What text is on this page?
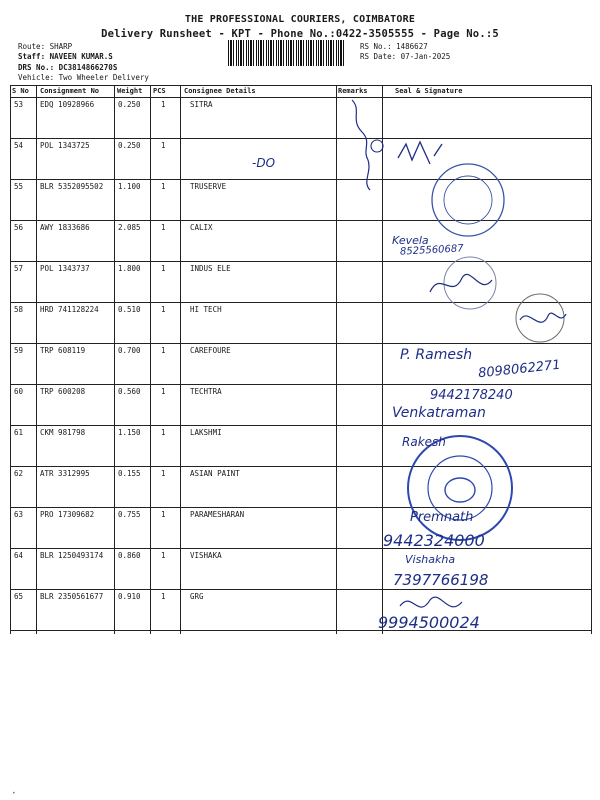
THE PROFESSIONAL COURIERS, COIMBATORE
Delivery Runsheet - KPT - Phone No.:0422-3505555 - Page No.:5
Route: SHARP
Staff: NAVEEN KUMAR.S
DRS No.: DC3814866270S
Vehicle: Two Wheeler Delivery
RS No.: 1486627
RS Date: 07-Jan-2025
S No Consignment No	Weight PCS	Consignee Details	Remarks	Seal & Signature
53 EDQ 10928966	0.250	1	SITRA
54 POL 1343725	0.250	1
55 BLR 5352095502 1.100	1	TRUSERVE
56 AWY 1833686	2.085	1	CALIX
57 POL 1343737	1.800	1	INDUS ELE
58 HRD 741128224	0.510	1	HI TECH
59 TRP 608119	0.700	1	CAREFOURE
60 TRP 600208	0.560	1	TECHTRA
61 CKM 981798	1.150	1	LAKSHMI
62 ATR 3312995	0.155	1	ASIAN PAINT
63 PRO 17309682	0.755	1	PARAMESHARAN
64 BLR 1250493174 0.860	1	VISHAKA
65 BLR 2350561677 0.910	1	GRG
-DO
Kevela
8525560687
P. Ramesh
8098062271
9442178240
Venkatraman
Rakesh
Premnath
9442324000
Vishakha
7397766198
9994500024
•
